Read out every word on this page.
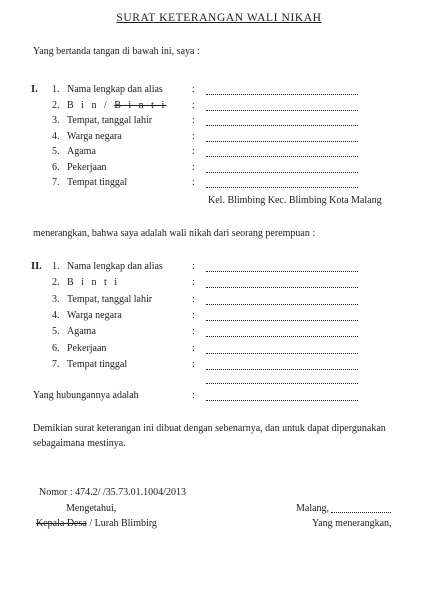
SURAT KETERANGAN WALI NIKAH
Yang bertanda tangan di bawah ini, saya :
I. 1. Nama lengkap dan alias	:
2. B i n / B i n t i	:
3. Tempat, tanggal lahir	:
4. Warga negara	:
5. Agama	:
6. Pekerjaan	:
7. Tempat tinggal	:
Kel. Blimbing Kec. Blimbing Kota Malang
menerangkan, bahwa saya adalah wali nikah dari seorang perempuan :
II. 1. Nama lengkap dan alias	:
2. B i n t i	:
3. Tempat, tanggal lahir	:
4. Warga negara	:
5. Agama	:
6. Pekerjaan	:
7. Tempat tinggal	:
Yang hubungannya adalah	:
Demikian surat keterangan ini dibuat dengan sebenarnya, dan untuk dapat dipergunakan
sebagaimana mestinya.
Nomor : 474.2/ /35.73.01.1004/2013
Mengetahui,
Kepala Desa / Lurah Blimbirg
Malang,
Yang menerangkan,
